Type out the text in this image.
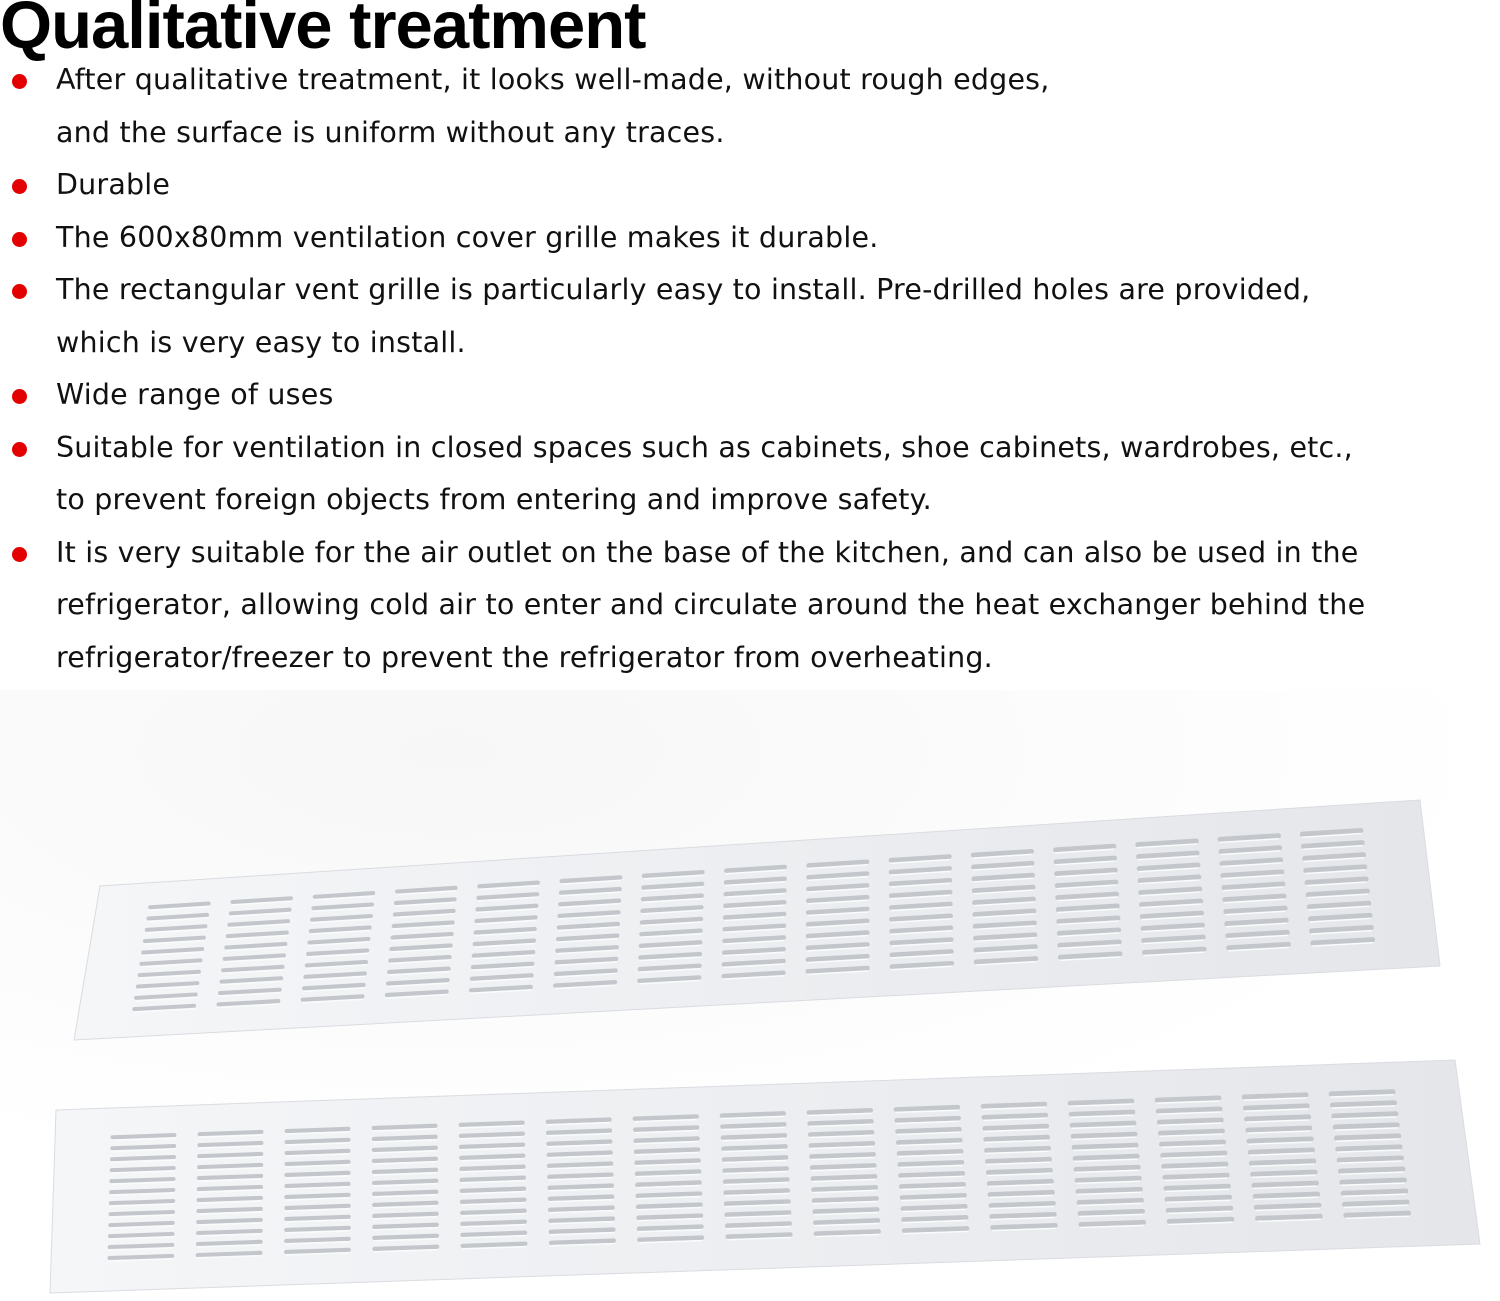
Qualitative treatment
After qualitative treatment, it looks well-made, without rough edges,
and the surface is uniform without any traces.
Durable
The 600x80mm ventilation cover grille makes it durable.
The rectangular vent grille is particularly easy to install. Pre-drilled holes are provided,
which is very easy to install.
Wide range of uses
Suitable for ventilation in closed spaces such as cabinets, shoe cabinets, wardrobes, etc.,
to prevent foreign objects from entering and improve safety.
It is very suitable for the air outlet on the base of the kitchen, and can also be used in the
refrigerator, allowing cold air to enter and circulate around the heat exchanger behind the
refrigerator/freezer to prevent the refrigerator from overheating.
